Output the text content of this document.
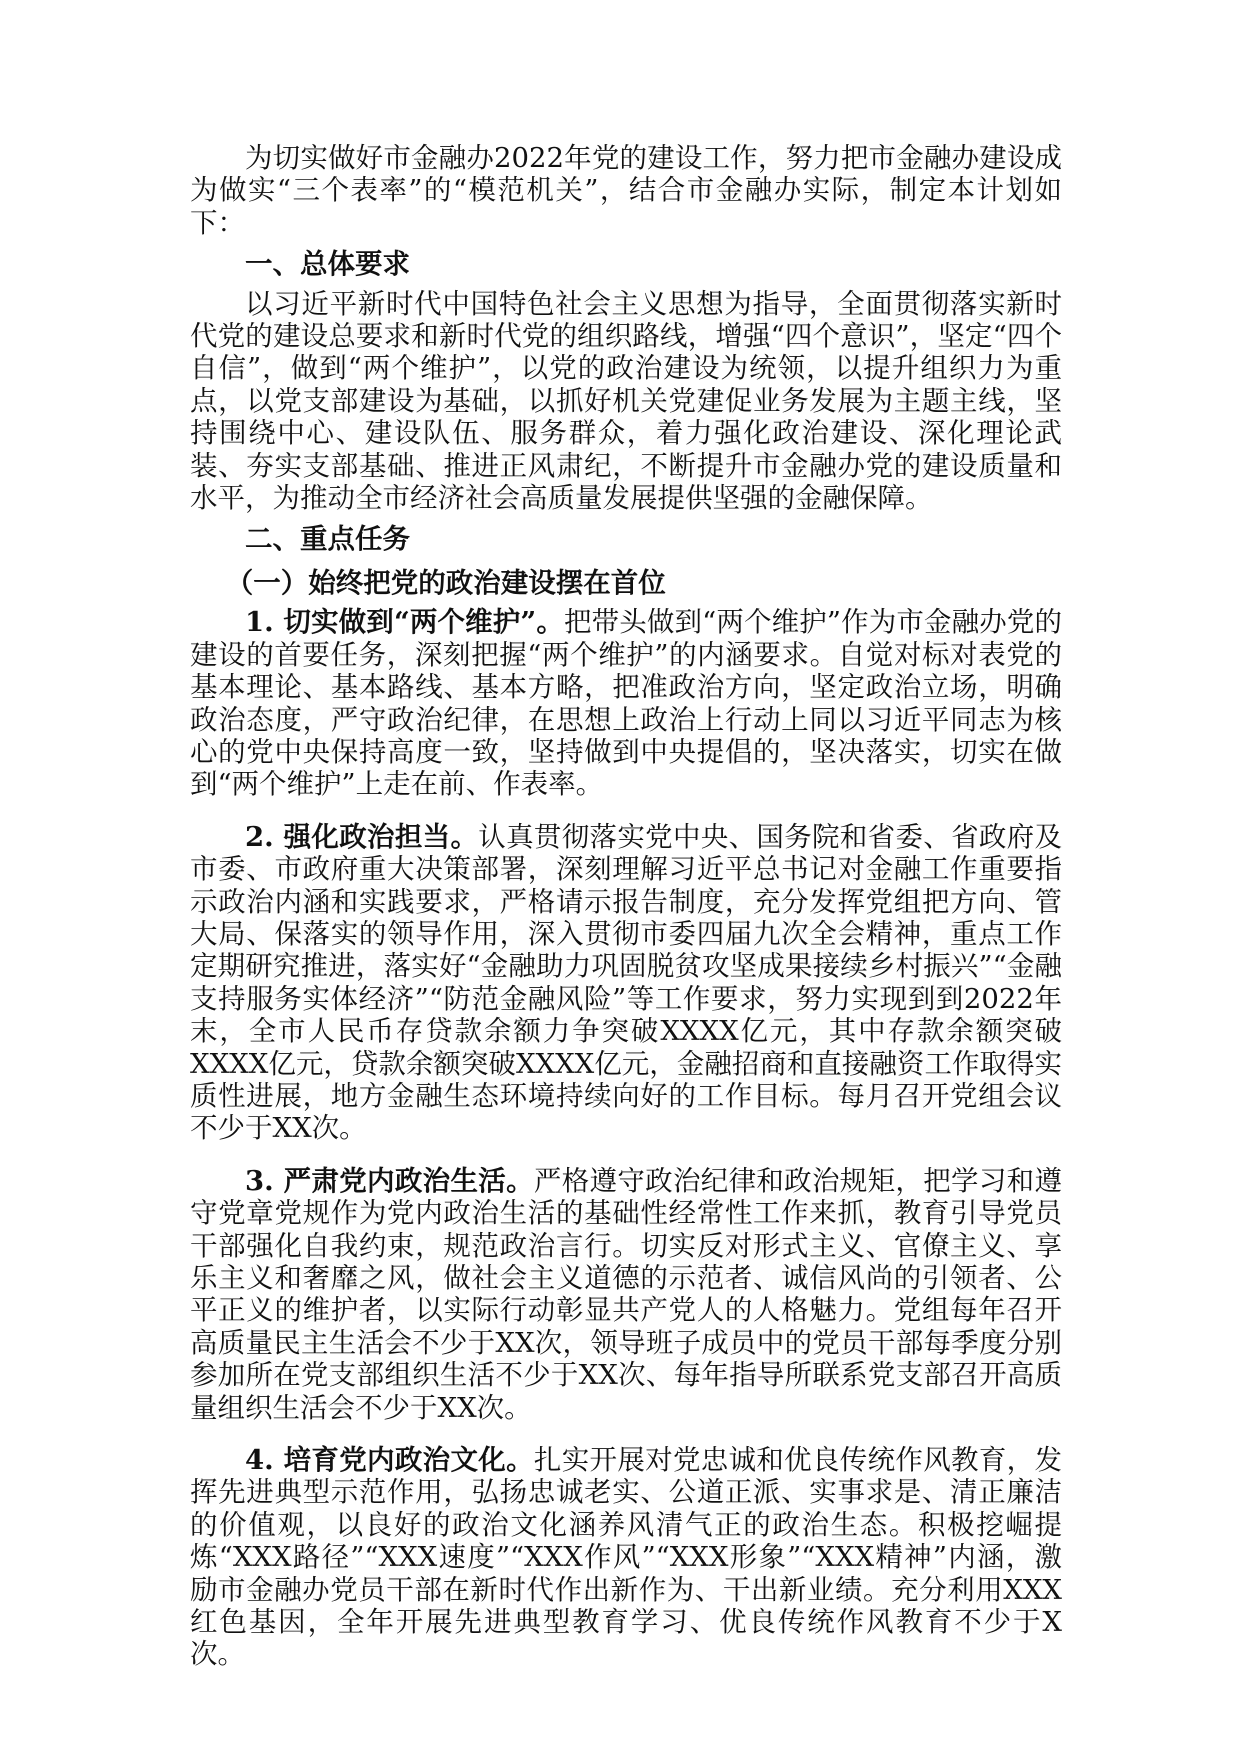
为切实做好市金融办2022年党的建设工作，努力把市金融办建设成为做实“三个表率”的“模范机关”，结合市金融办实际，制定本计划如下：

一、总体要求

以习近平新时代中国特色社会主义思想为指导，全面贯彻落实新时代党的建设总要求和新时代党的组织路线，增强“四个意识”，坚定“四个自信”，做到“两个维护”，以党的政治建设为统领，以提升组织力为重点，以党支部建设为基础，以抓好机关党建促业务发展为主题主线，坚持围绕中心、建设队伍、服务群众，着力强化政治建设、深化理论武装、夯实支部基础、推进正风肃纪，不断提升市金融办党的建设质量和水平，为推动全市经济社会高质量发展提供坚强的金融保障。

二、重点任务

（一）始终把党的政治建设摆在首位

1. 切实做到“两个维护”。把带头做到“两个维护”作为市金融办党的建设的首要任务，深刻把握“两个维护”的内涵要求。自觉对标对表党的基本理论、基本路线、基本方略，把准政治方向，坚定政治立场，明确政治态度，严守政治纪律，在思想上政治上行动上同以习近平同志为核心的党中央保持高度一致，坚持做到中央提倡的，坚决落实，切实在做到“两个维护”上走在前、作表率。

2. 强化政治担当。认真贯彻落实党中央、国务院和省委、省政府及市委、市政府重大决策部署，深刻理解习近平总书记对金融工作重要指示政治内涵和实践要求，严格请示报告制度，充分发挥党组把方向、管大局、保落实的领导作用，深入贯彻市委四届九次全会精神，重点工作定期研究推进，落实好“金融助力巩固脱贫攻坚成果接续乡村振兴”“金融支持服务实体经济”“防范金融风险”等工作要求，努力实现到到2022年末，全市人民币存贷款余额力争突破XXXX亿元，其中存款余额突破XXXX亿元，贷款余额突破XXXX亿元，金融招商和直接融资工作取得实质性进展，地方金融生态环境持续向好的工作目标。每月召开党组会议不少于XX次。

3. 严肃党内政治生活。严格遵守政治纪律和政治规矩，把学习和遵守党章党规作为党内政治生活的基础性经常性工作来抓，教育引导党员干部强化自我约束，规范政治言行。切实反对形式主义、官僚主义、享乐主义和奢靡之风，做社会主义道德的示范者、诚信风尚的引领者、公平正义的维护者，以实际行动彰显共产党人的人格魅力。党组每年召开高质量民主生活会不少于XX次，领导班子成员中的党员干部每季度分别参加所在党支部组织生活不少于XX次、每年指导所联系党支部召开高质量组织生活会不少于XX次。

4. 培育党内政治文化。扎实开展对党忠诚和优良传统作风教育，发挥先进典型示范作用，弘扬忠诚老实、公道正派、实事求是、清正廉洁的价值观，以良好的政治文化涵养风清气正的政治生态。积极挖崛提炼“XXX路径”“XXX速度”“XXX作风”“XXX形象”“XXX精神”内涵，激励市金融办党员干部在新时代作出新作为、干出新业绩。充分利用XXX红色基因，全年开展先进典型教育学习、优良传统作风教育不少于X次。
